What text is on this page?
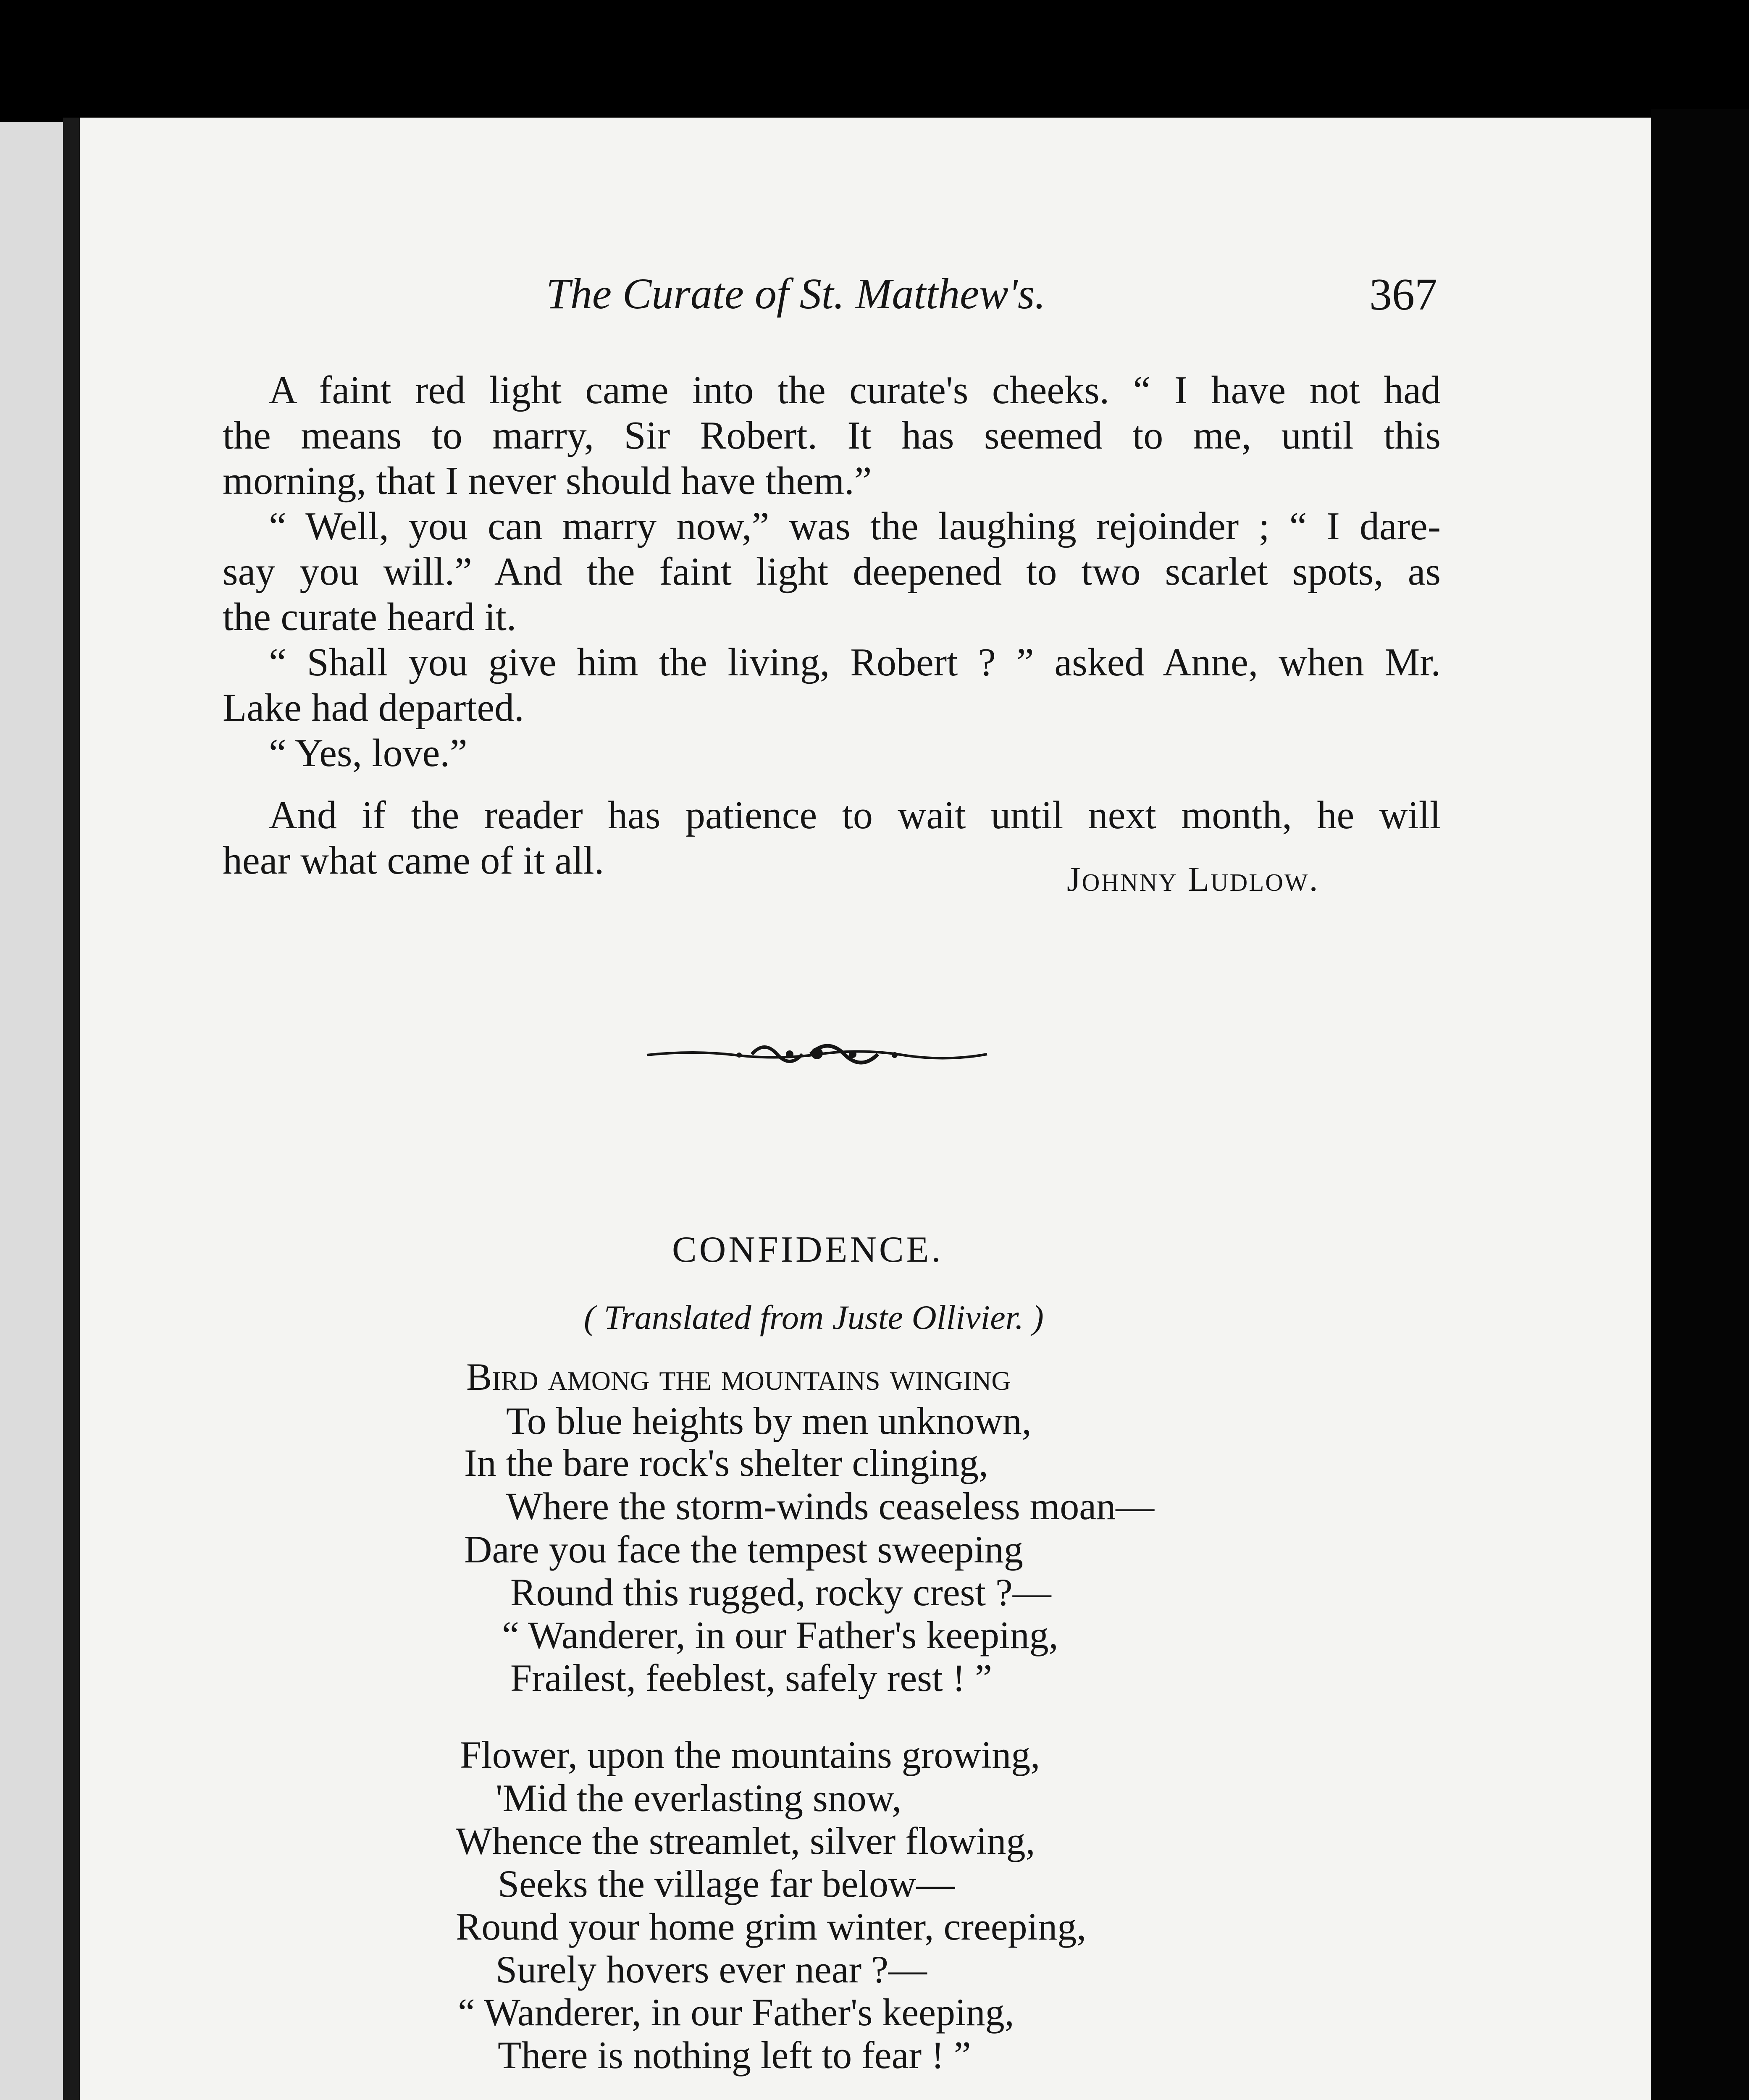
The Curate of St. Matthew's.	367

A faint red light came into the curate's cheeks. “ I have not had

the means to marry, Sir Robert. It has seemed to me, until this

morning, that I never should have them.”

“ Well, you can marry now,” was the laughing rejoinder ; “ I dare-

say you will.” And the faint light deepened to two scarlet spots, as

the curate heard it.

“ Shall you give him the living, Robert ? ” asked Anne, when Mr.

Lake had departed.

“ Yes, love.”

And if the reader has patience to wait until next month, he will

hear what came of it all.	Johnny Ludlow.
CONFIDENCE.
( Translated from Juste Ollivier. )
Bird among the mountains winging
To blue heights by men unknown,
In the bare rock's shelter clinging,
Where the storm-winds ceaseless moan—
Dare you face the tempest sweeping
Round this rugged, rocky crest ?—
“ Wanderer, in our Father's keeping,
Frailest, feeblest, safely rest ! ”
Flower, upon the mountains growing,
'Mid the everlasting snow,
Whence the streamlet, silver flowing,
Seeks the village far below—
Round your home grim winter, creeping,
Surely hovers ever near ?—
“ Wanderer, in our Father's keeping,
There is nothing left to fear ! ”
